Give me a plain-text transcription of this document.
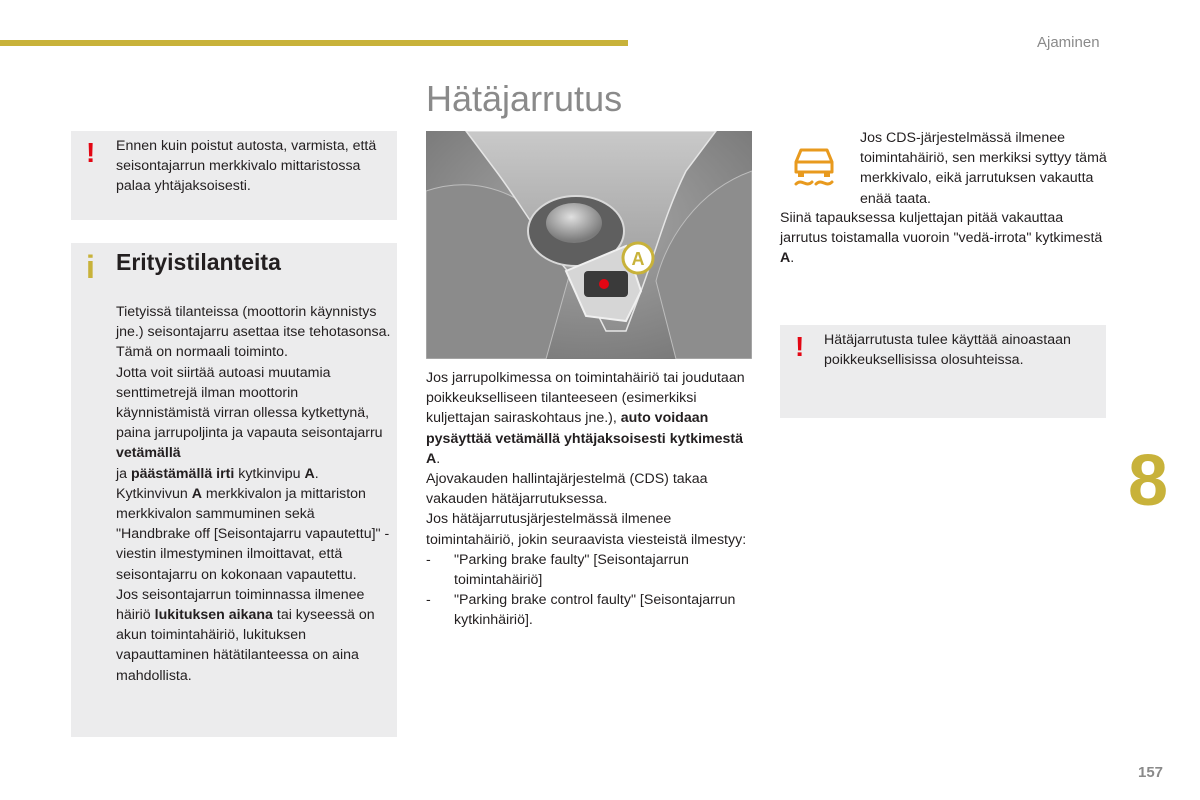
Ajaminen
Hätäjarrutus
! Ennen kuin poistut autosta, varmista, että seisontajarrun merkkivalo mittaristossa palaa yhtäjaksoisesti.
i Erityistilanteita
Tietyissä tilanteissa (moottorin käynnistys jne.) seisontajarru asettaa itse tehotasonsa. Tämä on normaali toiminto.
Jotta voit siirtää autoasi muutamia senttimetrejä ilman moottorin käynnistämistä virran ollessa kytkettynä, paina jarrupoljinta ja vapauta seisontajarru vetämällä
ja päästämällä irti kytkinvipu A.
Kytkinvivun A merkkivalon ja mittariston merkkivalon sammuminen sekä "Handbrake off [Seisontajarru vapautettu]" -viestin ilmestyminen ilmoittavat, että seisontajarru on kokonaan vapautettu.
Jos seisontajarrun toiminnassa ilmenee häiriö lukituksen aikana tai kyseessä on akun toimintahäiriö, lukituksen vapauttaminen hätätilanteessa on aina mahdollista.
A
Jos jarrupolkimessa on toimintahäiriö tai joudutaan poikkeukselliseen tilanteeseen (esimerkiksi kuljettajan sairaskohtaus jne.), auto voidaan pysäyttää vetämällä yhtäjaksoisesti kytkimestä A.
Ajovakauden hallintajärjestelmä (CDS) takaa vakauden hätäjarrutuksessa.
Jos hätäjarrutusjärjestelmässä ilmenee toimintahäiriö, jokin seuraavista viesteistä ilmestyy:
- "Parking brake faulty" [Seisontajarrun toimintahäiriö]
- "Parking brake control faulty" [Seisontajarrun kytkinhäiriö].
Jos CDS-järjestelmässä ilmenee toimintahäiriö, sen merkiksi syttyy tämä merkkivalo, eikä jarrutuksen vakautta enää taata.
Siinä tapauksessa kuljettajan pitää vakauttaa jarrutus toistamalla vuoroin "vedä-irrota" kytkimestä A.
! Hätäjarrutusta tulee käyttää ainoastaan poikkeuksellisissa olosuhteissa.
8
157
